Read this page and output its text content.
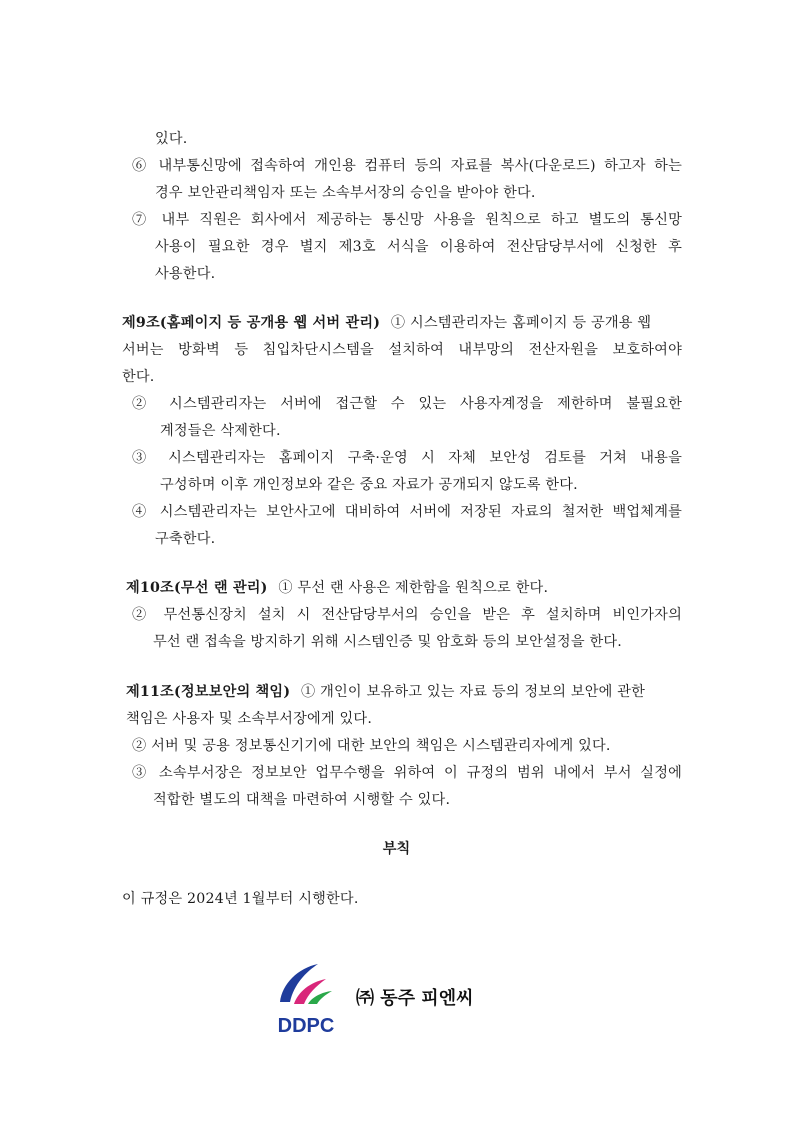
있다.
⑥ 내부통신망에 접속하여 개인용 컴퓨터 등의 자료를 복사(다운로드) 하고자 하는
경우 보안관리책임자 또는 소속부서장의 승인을 받아야 한다.
⑦ 내부 직원은 회사에서 제공하는 통신망 사용을 원칙으로 하고 별도의 통신망
사용이 필요한 경우 별지 제3호 서식을 이용하여 전산담당부서에 신청한 후
사용한다.
제9조(홈페이지 등 공개용 웹 서버 관리) ① 시스템관리자는 홈페이지 등 공개용 웹
서버는 방화벽 등 침입차단시스템을 설치하여 내부망의 전산자원을 보호하여야
한다.
② 시스템관리자는 서버에 접근할 수 있는 사용자계정을 제한하며 불필요한
계정들은 삭제한다.
③ 시스템관리자는 홈페이지 구축·운영 시 자체 보안성 검토를 거쳐 내용을
구성하며 이후 개인정보와 같은 중요 자료가 공개되지 않도록 한다.
④ 시스템관리자는 보안사고에 대비하여 서버에 저장된 자료의 철저한 백업체계를
구축한다.
제10조(무선 랜 관리) ① 무선 랜 사용은 제한함을 원칙으로 한다.
② 무선통신장치 설치 시 전산담당부서의 승인을 받은 후 설치하며 비인가자의
무선 랜 접속을 방지하기 위해 시스템인증 및 암호화 등의 보안설정을 한다.
제11조(정보보안의 책임) ① 개인이 보유하고 있는 자료 등의 정보의 보안에 관한
책임은 사용자 및 소속부서장에게 있다.
② 서버 및 공용 정보통신기기에 대한 보안의 책임은 시스템관리자에게 있다.
③ 소속부서장은 정보보안 업무수행을 위하여 이 규정의 범위 내에서 부서 실정에
적합한 별도의 대책을 마련하여 시행할 수 있다.
부칙
이 규정은 2024년 1월부터 시행한다.
DDPC
㈜ 동주 피엔씨
